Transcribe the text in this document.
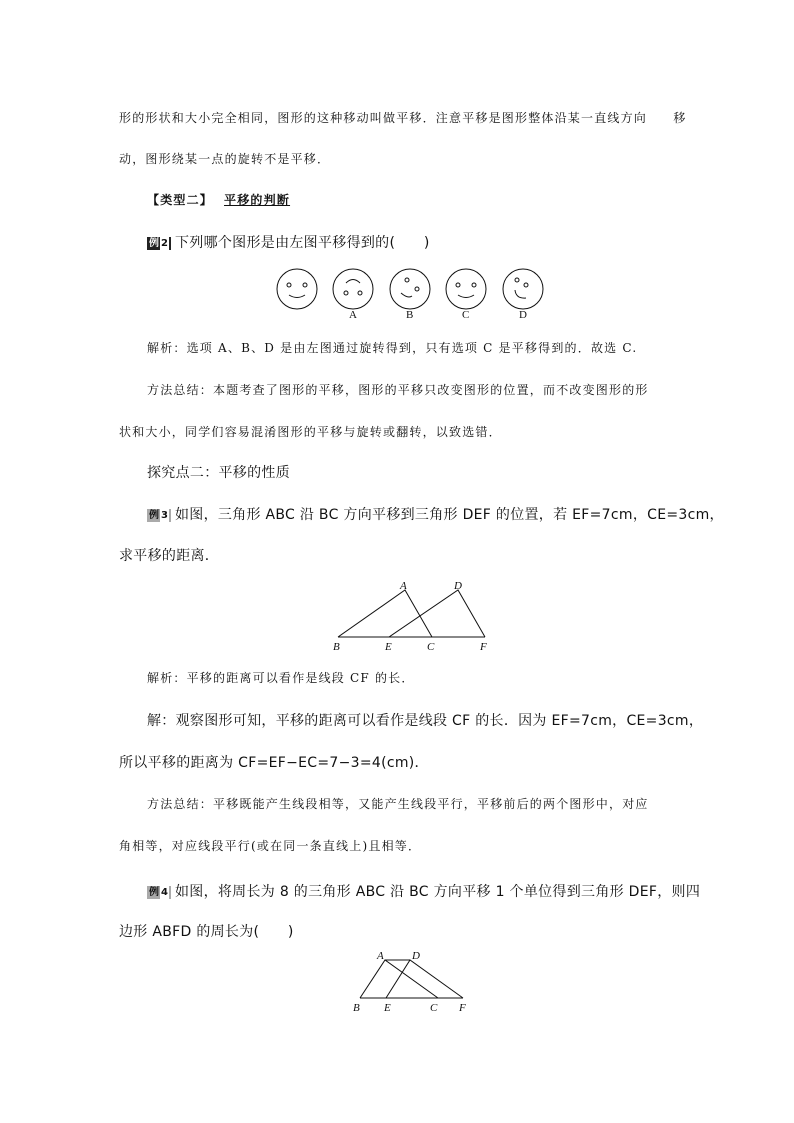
形的形状和大小完全相同，图形的这种移动叫做平移．注意平移是图形整体沿某一直线方向　　移
动，图形绕某一点的旋转不是平移．
【类型二】 平移的判断
例 2 下列哪个图形是由左图平移得到的(　　)
A	B	C	D
解析：选项 A、B、D 是由左图通过旋转得到，只有选项 C 是平移得到的．故选 C.
方法总结：本题考查了图形的平移，图形的平移只改变图形的位置，而不改变图形的形
状和大小，同学们容易混淆图形的平移与旋转或翻转，以致选错．
探究点二：平移的性质
例 3 如图，三角形 ABC 沿 BC 方向平移到三角形 DEF 的位置，若 EF=7cm，CE=3cm，
求平移的距离．
A	D
B	E	C	F
解析：平移的距离可以看作是线段 CF 的长．
解：观察图形可知，平移的距离可以看作是线段 CF 的长．因为 EF=7cm，CE=3cm，
所以平移的距离为 CF=EF−EC=7−3=4(cm)．
方法总结：平移既能产生线段相等，又能产生线段平行，平移前后的两个图形中，对应
角相等，对应线段平行(或在同一条直线上)且相等．
例 4 如图，将周长为 8 的三角形 ABC 沿 BC 方向平移 1 个单位得到三角形 DEF，则四
边形 ABFD 的周长为(　　)
A	D
B E	C F
